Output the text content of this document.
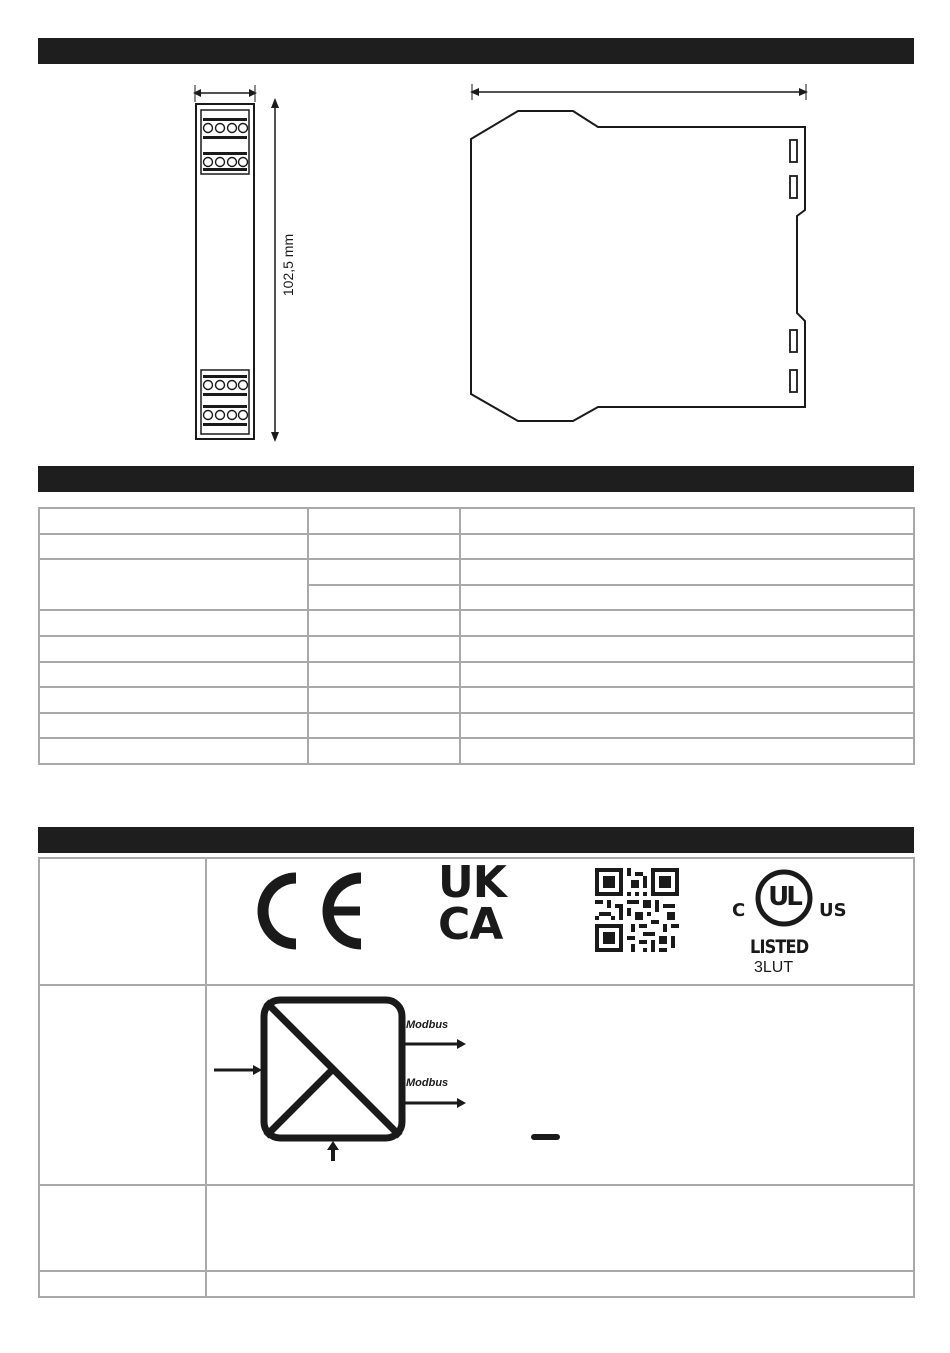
102,5 mm

UK
CA
UL
C	US
LISTED
3LUT
Modbus
Modbus
